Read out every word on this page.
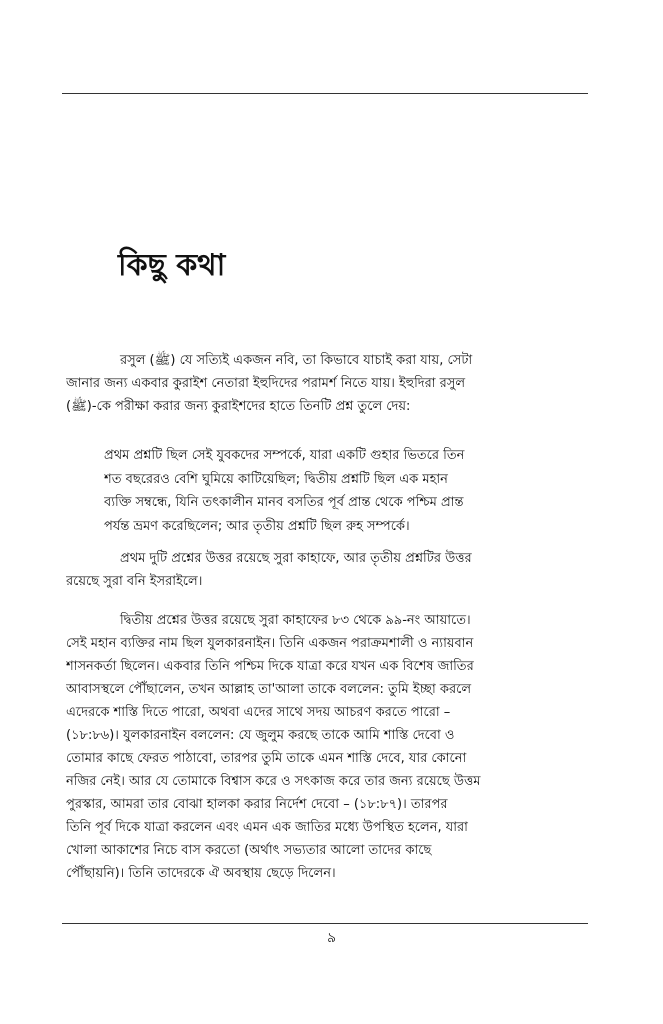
কিছু কথা

রসুল (ﷺ) যে সত্যিই একজন নবি, তা কিভাবে যাচাই করা যায়, সেটা
জানার জন্য একবার কুরাইশ নেতারা ইহুদিদের পরামর্শ নিতে যায়। ইহুদিরা রসুল
(ﷺ)-কে পরীক্ষা করার জন্য কুরাইশদের হাতে তিনটি প্রশ্ন তুলে দেয়:

প্রথম প্রশ্নটি ছিল সেই যুবকদের সম্পর্কে, যারা একটি গুহার ভিতরে তিন
শত বছরেরও বেশি ঘুমিয়ে কাটিয়েছিল; দ্বিতীয় প্রশ্নটি ছিল এক মহান
ব্যক্তি সম্বন্ধে, যিনি তৎকালীন মানব বসতির পূর্ব প্রান্ত থেকে পশ্চিম প্রান্ত
পর্যন্ত ভ্রমণ করেছিলেন; আর তৃতীয় প্রশ্নটি ছিল রুহ সম্পর্কে।

প্রথম দুটি প্রশ্নের উত্তর রয়েছে সুরা কাহাফে, আর তৃতীয় প্রশ্নটির উত্তর
রয়েছে সুরা বনি ইসরাইলে।

দ্বিতীয় প্রশ্নের উত্তর রয়েছে সুরা কাহাফের ৮৩ থেকে ৯৯-নং আয়াতে।
সেই মহান ব্যক্তির নাম ছিল যুলকারনাইন। তিনি একজন পরাক্রমশালী ও ন্যায়বান
শাসনকর্তা ছিলেন। একবার তিনি পশ্চিম দিকে যাত্রা করে যখন এক বিশেষ জাতির
আবাসস্থলে পৌঁছালেন, তখন আল্লাহ তা'আলা তাকে বললেন: তুমি ইচ্ছা করলে
এদেরকে শাস্তি দিতে পারো, অথবা এদের সাথে সদয় আচরণ করতে পারো –
(১৮:৮৬)। যুলকারনাইন বললেন: যে জুলুম করছে তাকে আমি শাস্তি দেবো ও
তোমার কাছে ফেরত পাঠাবো, তারপর তুমি তাকে এমন শাস্তি দেবে, যার কোনো
নজির নেই। আর যে তোমাকে বিশ্বাস করে ও সৎকাজ করে তার জন্য রয়েছে উত্তম
পুরস্কার, আমরা তার বোঝা হালকা করার নির্দেশ দেবো – (১৮:৮৭)। তারপর
তিনি পূর্ব দিকে যাত্রা করলেন এবং এমন এক জাতির মধ্যে উপস্থিত হলেন, যারা
খোলা আকাশের নিচে বাস করতো (অর্থাৎ সভ্যতার আলো তাদের কাছে
পৌঁছায়নি)। তিনি তাদেরকে ঐ অবস্থায় ছেড়ে দিলেন।

৯
